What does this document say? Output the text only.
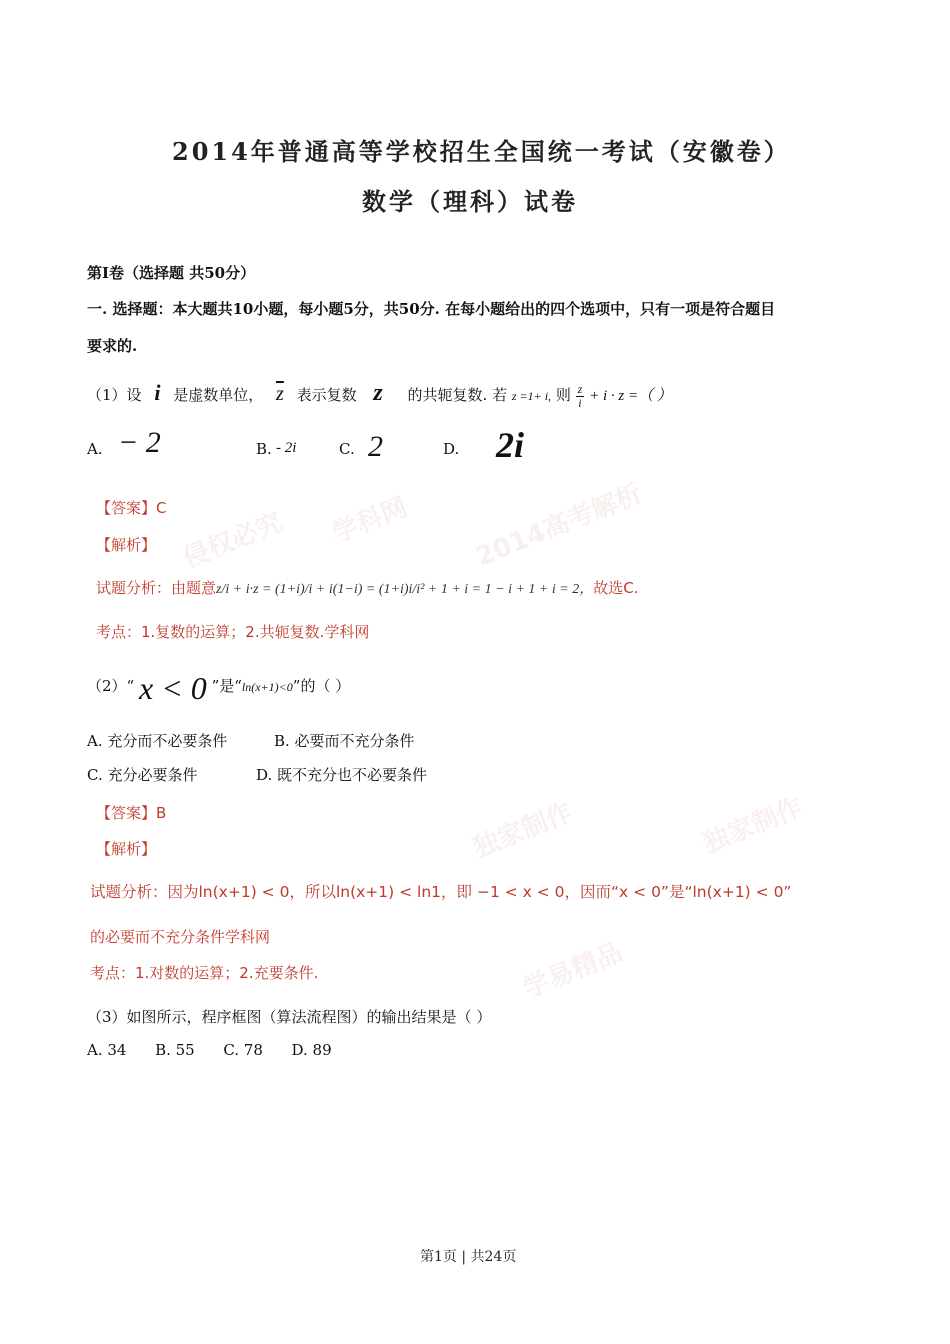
2014年普通高等学校招生全国统一考试（安徽卷）
数学（理科）试卷
第Ⅰ卷（选择题 共50分）
一. 选择题：本大题共10小题，每小题5分，共50分. 在每小题给出的四个选项中，只有一项是符合题目
要求的.
（1）设 i 是虚数单位， $\overline{z}$ 表示复数 z 的共轭复数. 若 z =1+ i, 则 $\frac{z}{i} + i \cdot z$ =（ ）
A. − 2	B. - 2i	C. 2	D. 2i
学科网 2014高考解析
侵权必究
【答案】C
【解析】
试题分析：由题意z/i + i·z = (1+i)/i + i(1−i) = (1+i)i/i² + 1 + i = 1 − i + 1 + i = 2，故选C.
考点：1.复数的运算；2.共轭复数.学科网
（2）“ x < 0 ”是“ln(x+1)<0”的（ ）
A. 充分而不必要条件	B. 必要而不充分条件
C. 充分必要条件	D. 既不充分也不必要条件
独家制作	独家制作
学易精品
【答案】B
【解析】
试题分析：因为ln(x+1) < 0，所以ln(x+1) < ln1，即 −1 < x < 0，因而“x < 0”是“ln(x+1) < 0”
的必要而不充分条件学科网
考点：1.对数的运算；2.充要条件.
（3）如图所示，程序框图（算法流程图）的输出结果是（ ）
A. 34      B. 55      C. 78      D. 89
第1页 | 共24页
